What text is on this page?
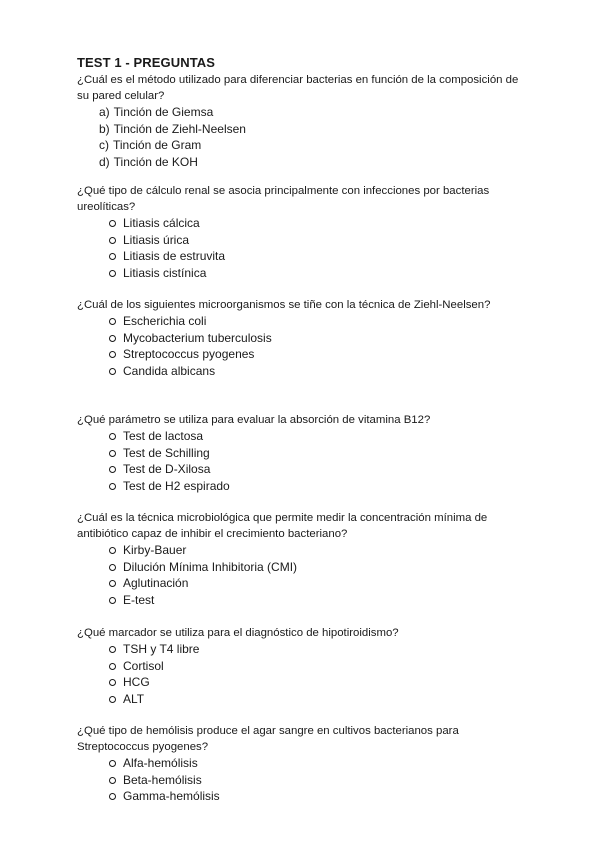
TEST 1 - PREGUNTAS

¿Cuál es el método utilizado para diferenciar bacterias en función de la composición de su pared celular?

a) Tinción de Giemsa
b) Tinción de Ziehl-Neelsen
c) Tinción de Gram
d) Tinción de KOH

¿Qué tipo de cálculo renal se asocia principalmente con infecciones por bacterias ureolíticas?

Litiasis cálcica
Litiasis úrica
Litiasis de estruvita
Litiasis cistínica

¿Cuál de los siguientes microorganismos se tiñe con la técnica de Ziehl-Neelsen?

Escherichia coli
Mycobacterium tuberculosis
Streptococcus pyogenes
Candida albicans

¿Qué parámetro se utiliza para evaluar la absorción de vitamina B12?

Test de lactosa
Test de Schilling
Test de D-Xilosa
Test de H2 espirado

¿Cuál es la técnica microbiológica que permite medir la concentración mínima de antibiótico capaz de inhibir el crecimiento bacteriano?

Kirby-Bauer
Dilución Mínima Inhibitoria (CMI)
Aglutinación
E-test

¿Qué marcador se utiliza para el diagnóstico de hipotiroidismo?

TSH y T4 libre
Cortisol
HCG
ALT

¿Qué tipo de hemólisis produce el agar sangre en cultivos bacterianos para Streptococcus pyogenes?

Alfa-hemólisis
Beta-hemólisis
Gamma-hemólisis
